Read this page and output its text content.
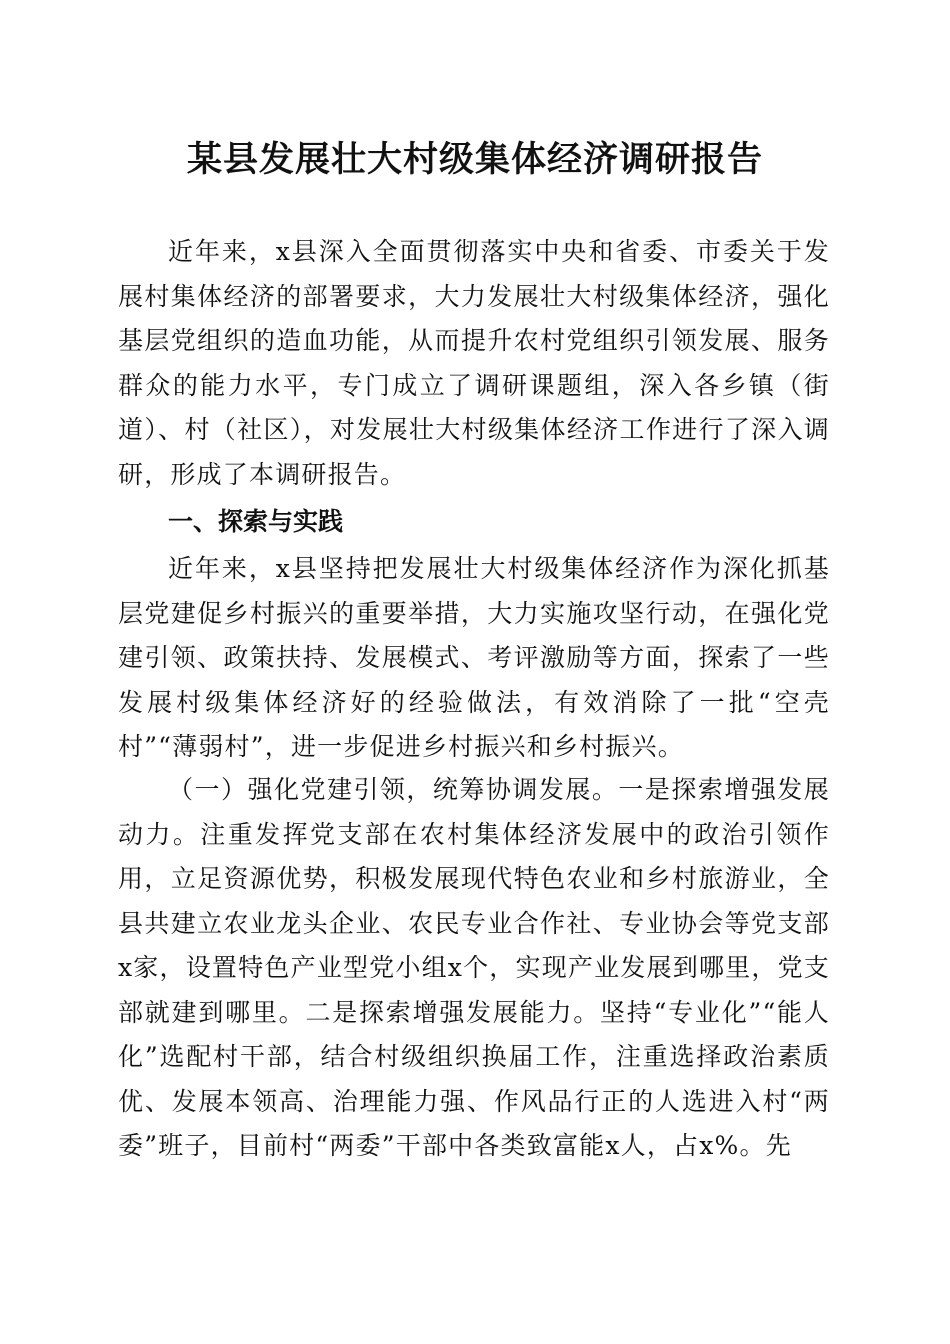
某县发展壮大村级集体经济调研报告

近年来，x县深入全面贯彻落实中央和省委、市委关于发展村集体经济的部署要求，大力发展壮大村级集体经济，强化基层党组织的造血功能，从而提升农村党组织引领发展、服务群众的能力水平，专门成立了调研课题组，深入各乡镇（街道）、村（社区），对发展壮大村级集体经济工作进行了深入调研，形成了本调研报告。

一、探索与实践

近年来，x县坚持把发展壮大村级集体经济作为深化抓基层党建促乡村振兴的重要举措，大力实施攻坚行动，在强化党建引领、政策扶持、发展模式、考评激励等方面，探索了一些发展村级集体经济好的经验做法，有效消除了一批“空壳村”“薄弱村”，进一步促进乡村振兴和乡村振兴。

（一）强化党建引领，统筹协调发展。一是探索增强发展动力。注重发挥党支部在农村集体经济发展中的政治引领作用，立足资源优势，积极发展现代特色农业和乡村旅游业，全县共建立农业龙头企业、农民专业合作社、专业协会等党支部x家，设置特色产业型党小组x个，实现产业发展到哪里，党支部就建到哪里。二是探索增强发展能力。坚持“专业化”“能人化”选配村干部，结合村级组织换届工作，注重选择政治素质优、发展本领高、治理能力强、作风品行正的人选进入村“两委”班子，目前村“两委”干部中各类致富能x人，占x%。先
